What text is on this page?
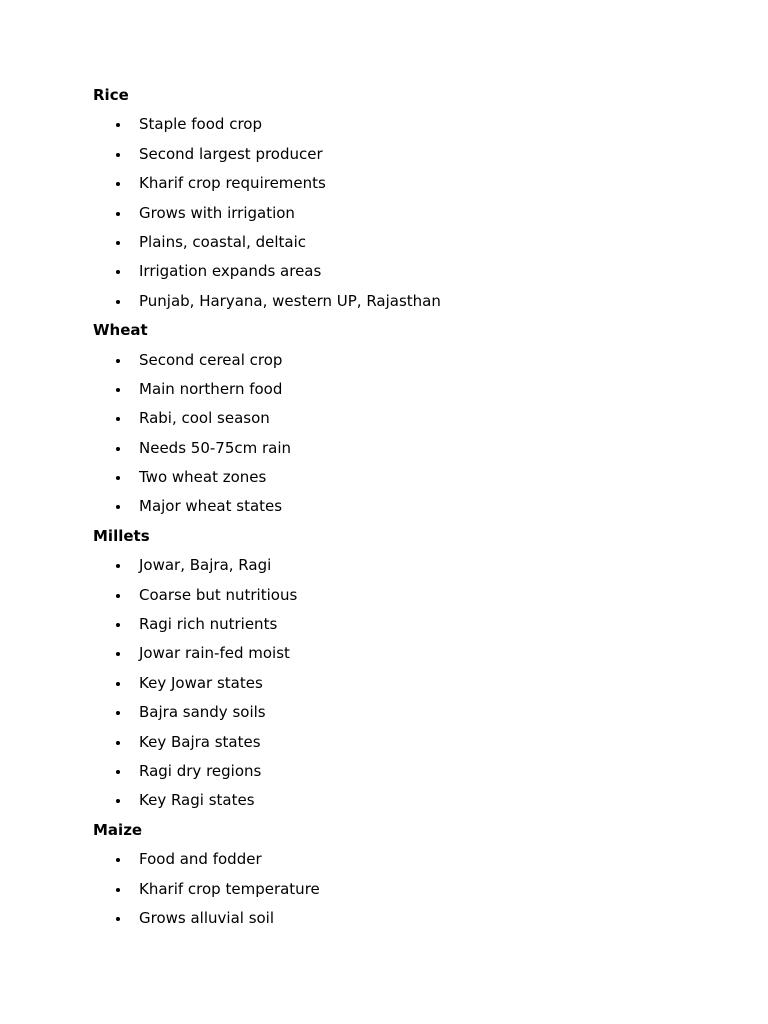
Rice
Staple food crop
Second largest producer
Kharif crop requirements
Grows with irrigation
Plains, coastal, deltaic
Irrigation expands areas
Punjab, Haryana, western UP, Rajasthan
Wheat
Second cereal crop
Main northern food
Rabi, cool season
Needs 50-75cm rain
Two wheat zones
Major wheat states
Millets
Jowar, Bajra, Ragi
Coarse but nutritious
Ragi rich nutrients
Jowar rain-fed moist
Key Jowar states
Bajra sandy soils
Key Bajra states
Ragi dry regions
Key Ragi states
Maize
Food and fodder
Kharif crop temperature
Grows alluvial soil
